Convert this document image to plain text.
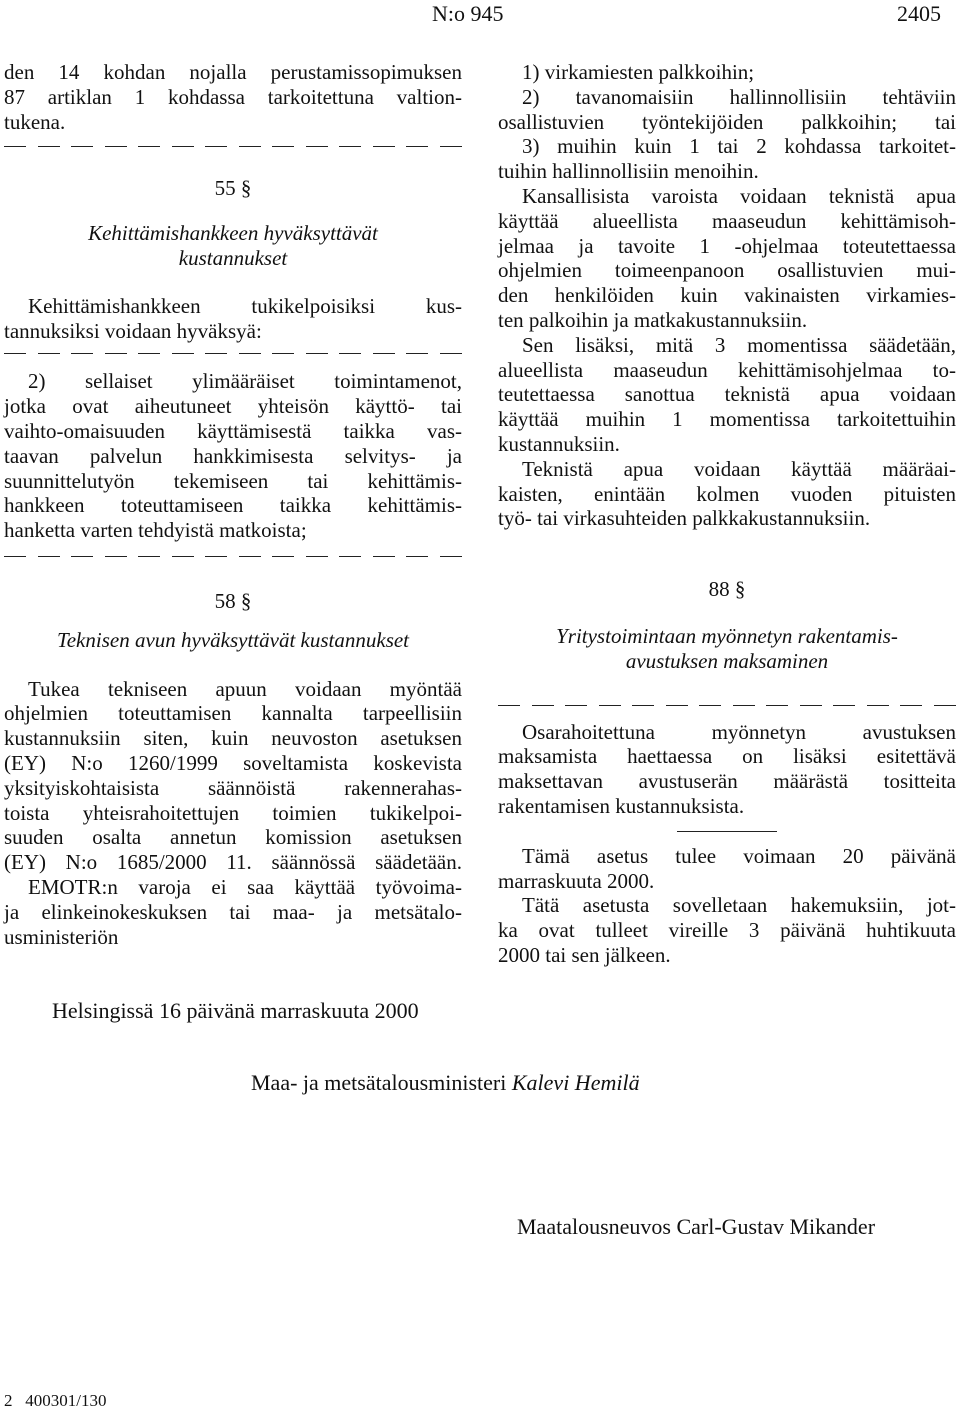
N:o 945	2405
den 14 kohdan nojalla perustamissopimuksen
87 artiklan 1 kohdassa tarkoitettuna valtion-
tukena.
55 §
Kehittämishankkeen hyväksyttävät
kustannukset
Kehittämishankkeen tukikelpoisiksi kus-
tannuksiksi voidaan hyväksyä:
2) sellaiset ylimääräiset toimintamenot,
jotka ovat aiheutuneet yhteisön käyttö- tai
vaihto-omaisuuden käyttämisestä taikka vas-
taavan palvelun hankkimisesta selvitys- ja
suunnittelutyön tekemiseen tai kehittämis-
hankkeen toteuttamiseen taikka kehittämis-
hanketta varten tehdyistä matkoista;
58 §
Teknisen avun hyväksyttävät kustannukset
Tukea tekniseen apuun voidaan myöntää
ohjelmien toteuttamisen kannalta tarpeellisiin
kustannuksiin siten, kuin neuvoston asetuksen
(EY) N:o 1260/1999 soveltamista koskevista
yksityiskohtaisista säännöistä rakennerahas-
toista yhteisrahoitettujen toimien tukikelpoi-
suuden osalta annetun komission asetuksen
(EY) N:o 1685/2000 11. säännössä säädetään.
EMOTR:n varoja ei saa käyttää työvoima-
ja elinkeinokeskuksen tai maa- ja metsätalo-
usministeriön
1) virkamiesten palkkoihin;
2) tavanomaisiin hallinnollisiin tehtäviin
osallistuvien työntekijöiden palkkoihin; tai
3) muihin kuin 1 tai 2 kohdassa tarkoitet-
tuihin hallinnollisiin menoihin.
Kansallisista varoista voidaan teknistä apua
käyttää alueellista maaseudun kehittämisoh-
jelmaa ja tavoite 1 -ohjelmaa toteutettaessa
ohjelmien toimeenpanoon osallistuvien mui-
den henkilöiden kuin vakinaisten virkamies-
ten palkoihin ja matkakustannuksiin.
Sen lisäksi, mitä 3 momentissa säädetään,
alueellista maaseudun kehittämisohjelmaa to-
teutettaessa sanottua teknistä apua voidaan
käyttää muihin 1 momentissa tarkoitettuihin
kustannuksiin.
Teknistä apua voidaan käyttää määräai-
kaisten, enintään kolmen vuoden pituisten
työ- tai virkasuhteiden palkkakustannuksiin.
88 §
Yritystoimintaan myönnetyn rakentamis-
avustuksen maksaminen
Osarahoitettuna myönnetyn avustuksen
maksamista haettaessa on lisäksi esitettävä
maksettavan avustuserän määrästä tositteita
rakentamisen kustannuksista.
Tämä asetus tulee voimaan 20 päivänä
marraskuuta 2000.
Tätä asetusta sovelletaan hakemuksiin, jot-
ka ovat tulleet vireille 3 päivänä huhtikuuta
2000 tai sen jälkeen.
Helsingissä 16 päivänä marraskuuta 2000
Maa- ja metsätalousministeri Kalevi Hemilä
Maatalousneuvos Carl-Gustav Mikander
2   400301/130
